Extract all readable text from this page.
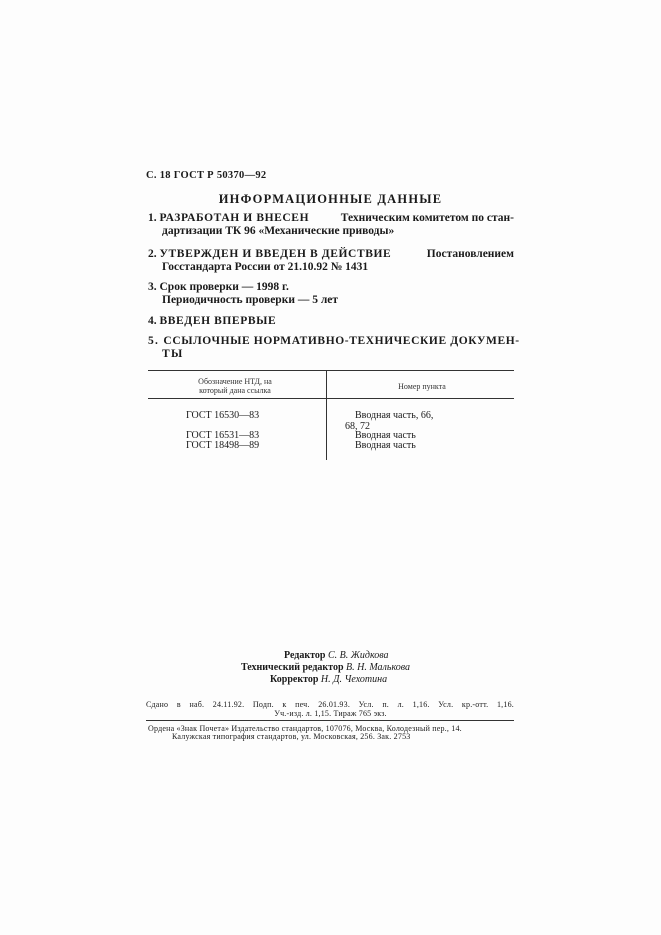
С. 18 ГОСТ Р 50370—92
ИНФОРМАЦИОННЫЕ ДАННЫЕ
1. РАЗРАБОТАН И ВНЕСЕН	Техническим комитетом по стан-
дартизации ТК 96 «Механические приводы»
2. УТВЕРЖДЕН И ВВЕДЕН В ДЕЙСТВИЕ	Постановлением
Госстандарта России от 21.10.92 № 1431
3. Срок проверки — 1998 г.
Периодичность проверки — 5 лет
4. ВВЕДЕН ВПЕРВЫЕ
5. ССЫЛОЧНЫЕ НОРМАТИВНО-ТЕХНИЧЕСКИЕ ДОКУМЕН-
ТЫ
Обозначение НТД, на
который дана ссылка	Номер пункта
ГОСТ 16530—83	Вводная часть, 66,
68, 72
ГОСТ 16531—83	Вводная часть
ГОСТ 18498—89	Вводная часть
Редактор С. В. Жидкова
Технический редактор В. Н. Малькова
Корректор Н. Д. Чехотина
Сдано в наб. 24.11.92. Подп. к печ. 26.01.93. Усл. п. л. 1,16. Усл. кр.-отт. 1,16.
Уч.-изд. л. 1,15. Тираж 765 экз.
Ордена «Знак Почета» Издательство стандартов, 107076, Москва, Колодезный пер., 14.
Калужская типография стандартов, ул. Московская, 256. Зак. 2753
